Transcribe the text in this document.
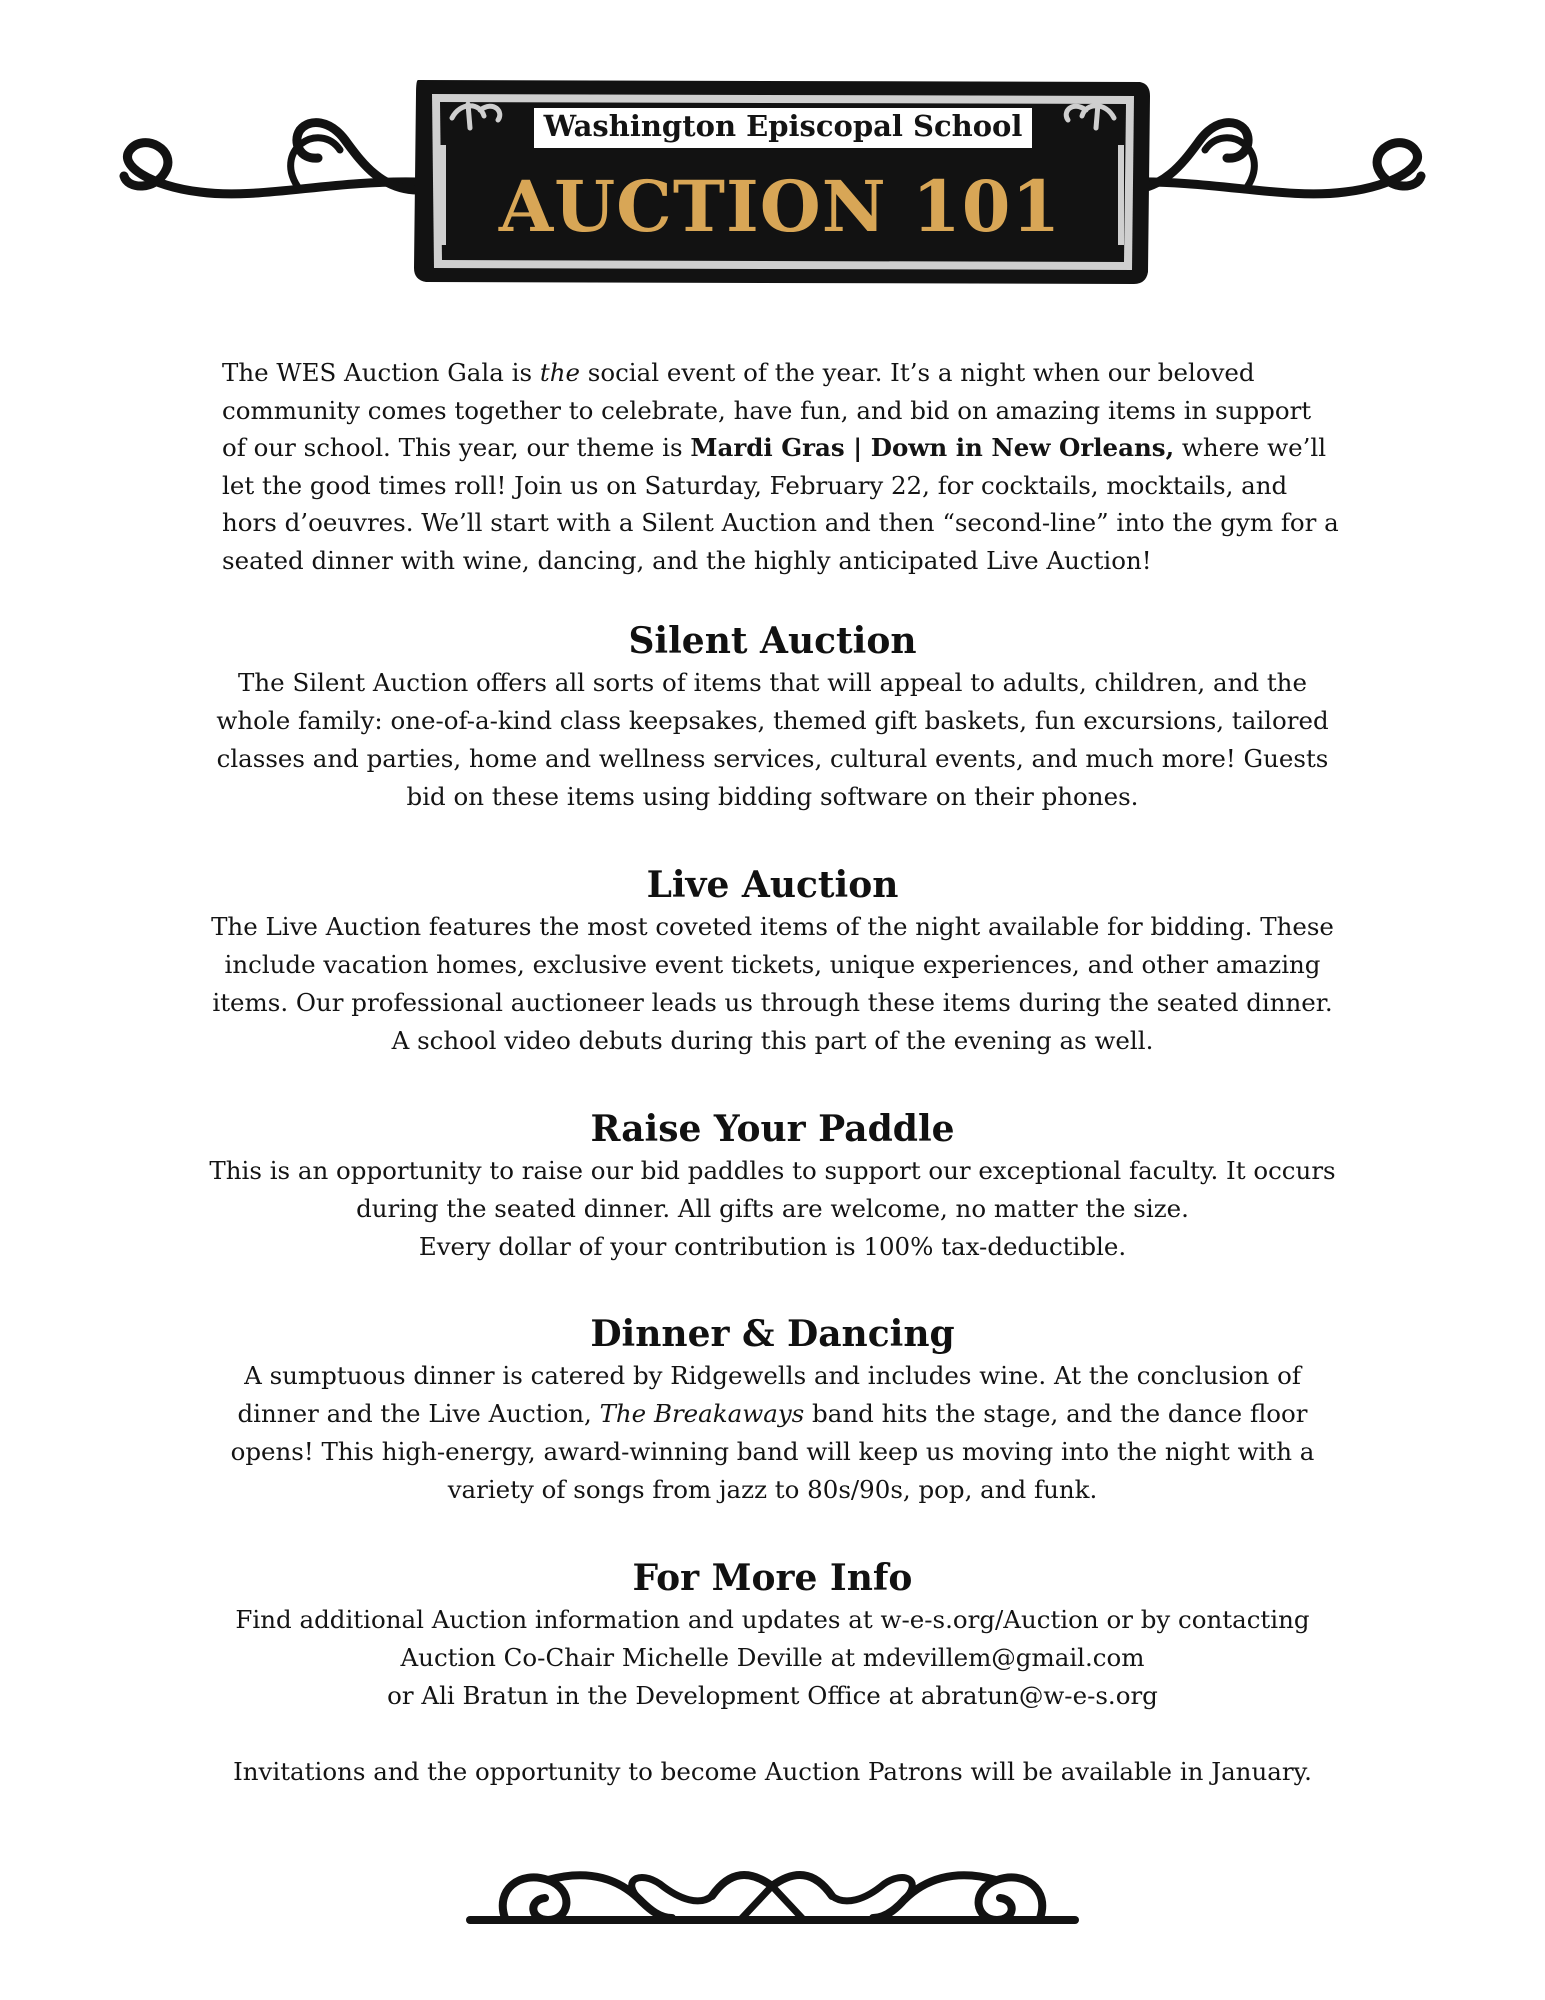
Washington Episcopal School
AUCTION 101
The WES Auction Gala is the social event of the year. It’s a night when our beloved community comes together to celebrate, have fun, and bid on amazing items in support of our school. This year, our theme is Mardi Gras | Down in New Orleans, where we’ll let the good times roll! Join us on Saturday, February 22, for cocktails, mocktails, and hors d’oeuvres. We’ll start with a Silent Auction and then “second-line” into the gym for a seated dinner with wine, dancing, and the highly anticipated Live Auction!
Silent Auction

The Silent Auction offers all sorts of items that will appeal to adults, children, and the
whole family: one-of-a-kind class keepsakes, themed gift baskets, fun excursions, tailored
classes and parties, home and wellness services, cultural events, and much more! Guests
bid on these items using bidding software on their phones.

Live Auction

The Live Auction features the most coveted items of the night available for bidding. These
include vacation homes, exclusive event tickets, unique experiences, and other amazing
items. Our professional auctioneer leads us through these items during the seated dinner.
A school video debuts during this part of the evening as well.

Raise Your Paddle

This is an opportunity to raise our bid paddles to support our exceptional faculty. It occurs
during the seated dinner. All gifts are welcome, no matter the size.
Every dollar of your contribution is 100% tax-deductible.

Dinner & Dancing

A sumptuous dinner is catered by Ridgewells and includes wine. At the conclusion of
dinner and the Live Auction, The Breakaways band hits the stage, and the dance floor
opens! This high-energy, award-winning band will keep us moving into the night with a
variety of songs from jazz to 80s/90s, pop, and funk.

For More Info

Find additional Auction information and updates at w-e-s.org/Auction or by contacting
Auction Co-Chair Michelle Deville at mdevillem@gmail.com
or Ali Bratun in the Development Office at abratun@w-e-s.org
Invitations and the opportunity to become Auction Patrons will be available in January.
